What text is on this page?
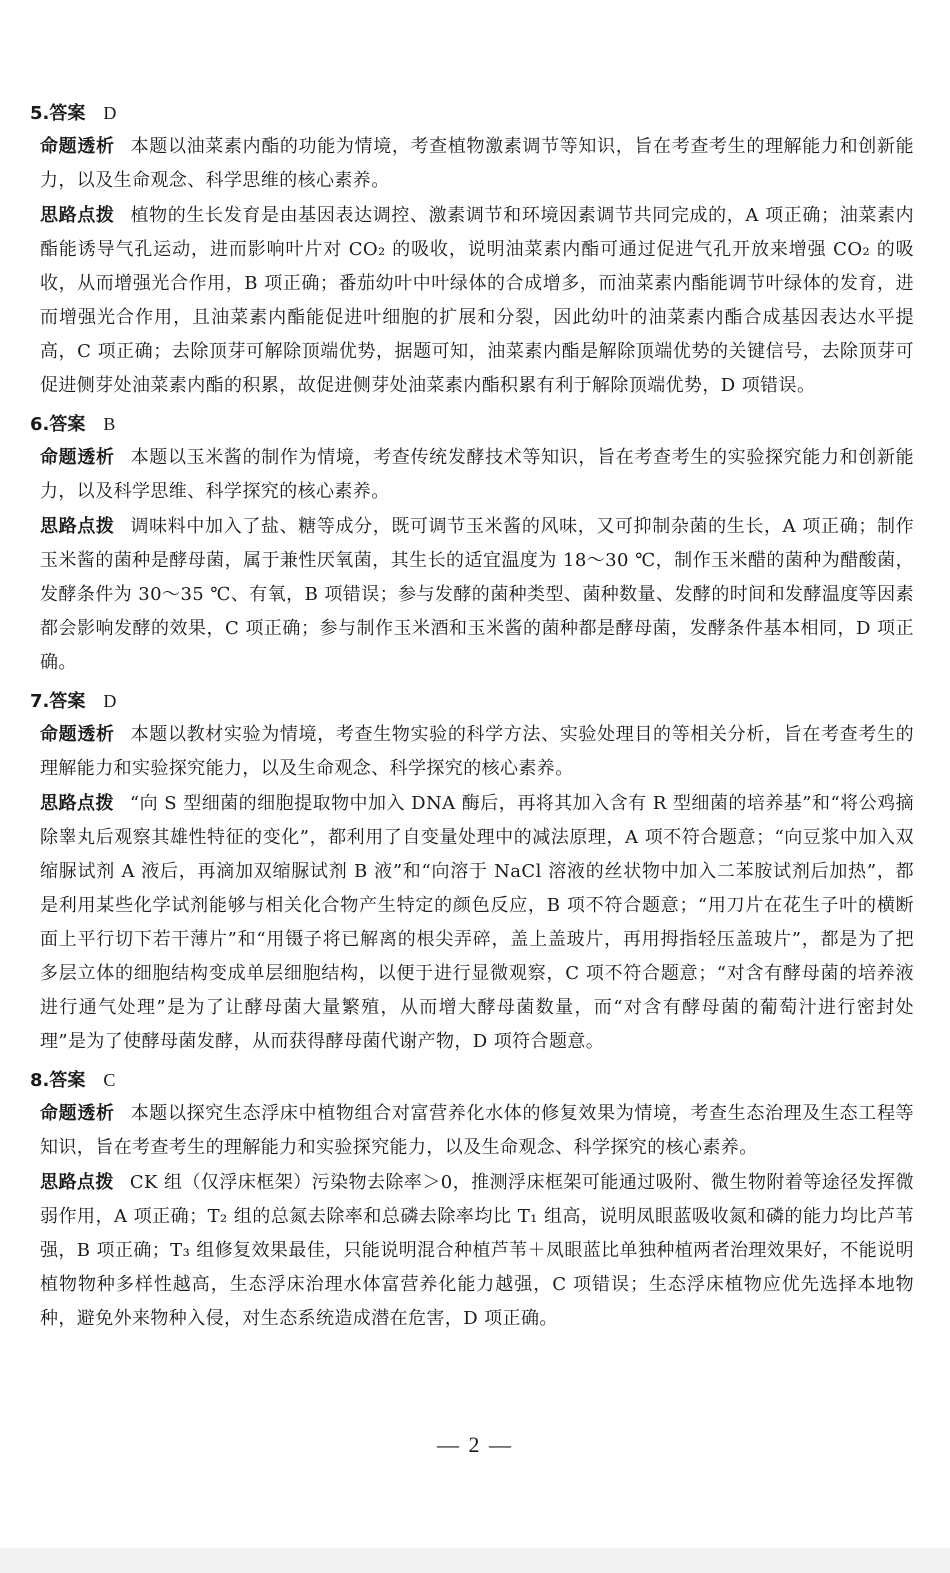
5.答案 D

命题透析 本题以油菜素内酯的功能为情境，考查植物激素调节等知识，旨在考查考生的理解能力和创新能力，以及生命观念、科学思维的核心素养。

思路点拨 植物的生长发育是由基因表达调控、激素调节和环境因素调节共同完成的，A 项正确；油菜素内酯能诱导气孔运动，进而影响叶片对 CO₂ 的吸收，说明油菜素内酯可通过促进气孔开放来增强 CO₂ 的吸收，从而增强光合作用，B 项正确；番茄幼叶中叶绿体的合成增多，而油菜素内酯能调节叶绿体的发育，进而增强光合作用，且油菜素内酯能促进叶细胞的扩展和分裂，因此幼叶的油菜素内酯合成基因表达水平提高，C 项正确；去除顶芽可解除顶端优势，据题可知，油菜素内酯是解除顶端优势的关键信号，去除顶芽可促进侧芽处油菜素内酯的积累，故促进侧芽处油菜素内酯积累有利于解除顶端优势，D 项错误。

6.答案 B

命题透析 本题以玉米酱的制作为情境，考查传统发酵技术等知识，旨在考查考生的实验探究能力和创新能力，以及科学思维、科学探究的核心素养。

思路点拨 调味料中加入了盐、糖等成分，既可调节玉米酱的风味，又可抑制杂菌的生长，A 项正确；制作玉米酱的菌种是酵母菌，属于兼性厌氧菌，其生长的适宜温度为 18～30 ℃，制作玉米醋的菌种为醋酸菌，发酵条件为 30～35 ℃、有氧，B 项错误；参与发酵的菌种类型、菌种数量、发酵的时间和发酵温度等因素都会影响发酵的效果，C 项正确；参与制作玉米酒和玉米酱的菌种都是酵母菌，发酵条件基本相同，D 项正确。

7.答案 D

命题透析 本题以教材实验为情境，考查生物实验的科学方法、实验处理目的等相关分析，旨在考查考生的理解能力和实验探究能力，以及生命观念、科学探究的核心素养。

思路点拨 “向 S 型细菌的细胞提取物中加入 DNA 酶后，再将其加入含有 R 型细菌的培养基”和“将公鸡摘除睾丸后观察其雄性特征的变化”，都利用了自变量处理中的减法原理，A 项不符合题意；“向豆浆中加入双缩脲试剂 A 液后，再滴加双缩脲试剂 B 液”和“向溶于 NaCl 溶液的丝状物中加入二苯胺试剂后加热”，都是利用某些化学试剂能够与相关化合物产生特定的颜色反应，B 项不符合题意；“用刀片在花生子叶的横断面上平行切下若干薄片”和“用镊子将已解离的根尖弄碎，盖上盖玻片，再用拇指轻压盖玻片”，都是为了把多层立体的细胞结构变成单层细胞结构，以便于进行显微观察，C 项不符合题意；“对含有酵母菌的培养液进行通气处理”是为了让酵母菌大量繁殖，从而增大酵母菌数量，而“对含有酵母菌的葡萄汁进行密封处理”是为了使酵母菌发酵，从而获得酵母菌代谢产物，D 项符合题意。

8.答案 C

命题透析 本题以探究生态浮床中植物组合对富营养化水体的修复效果为情境，考查生态治理及生态工程等知识，旨在考查考生的理解能力和实验探究能力，以及生命观念、科学探究的核心素养。

思路点拨 CK 组（仅浮床框架）污染物去除率＞0，推测浮床框架可能通过吸附、微生物附着等途径发挥微弱作用，A 项正确；T₂ 组的总氮去除率和总磷去除率均比 T₁ 组高，说明凤眼蓝吸收氮和磷的能力均比芦苇强，B 项正确；T₃ 组修复效果最佳，只能说明混合种植芦苇＋凤眼蓝比单独种植两者治理效果好，不能说明植物物种多样性越高，生态浮床治理水体富营养化能力越强，C 项错误；生态浮床植物应优先选择本地物种，避免外来物种入侵，对生态系统造成潜在危害，D 项正确。

— 2 —
